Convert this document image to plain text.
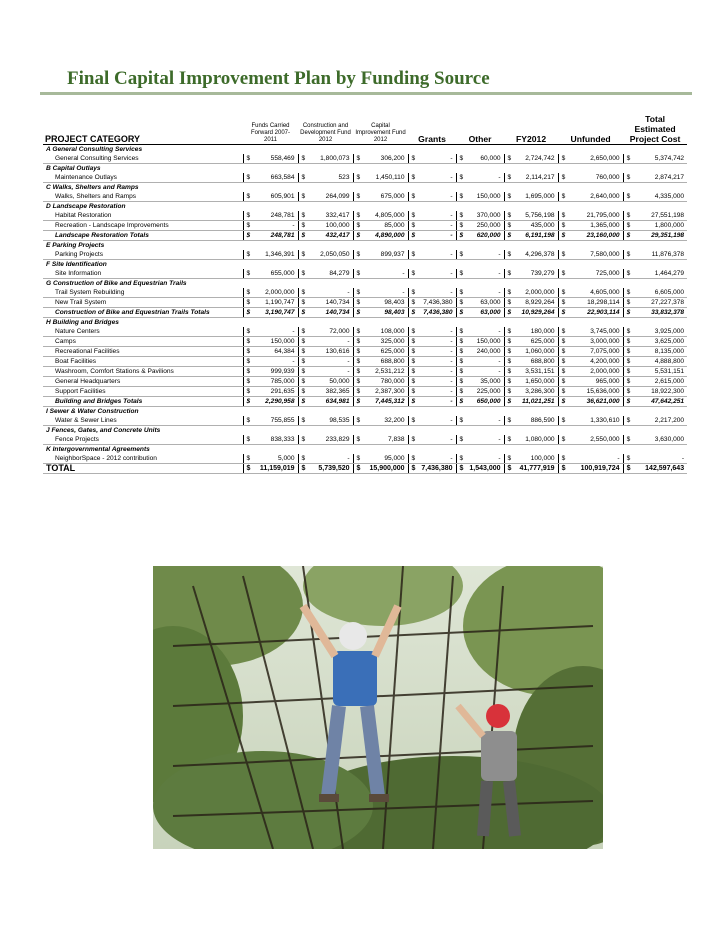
Final Capital Improvement Plan by Funding Source
PROJECT CATEGORY	Funds Carried Forward 2007-2011		Construction and Development Fund 2012		Capital Improvement Fund 2012		Grants		Other		FY2012		Unfunded		Total Estimated Project Cost	
A General Consulting Services																
General Consulting Services	$	558,469	$	1,800,073	$	306,200	$	-	$	60,000	$	2,724,742	$	2,650,000	$	5,374,742
B Capital Outlays																
Maintenance Outlays	$	663,584	$	523	$	1,450,110	$	-	$	-	$	2,114,217	$	760,000	$	2,874,217
C Walks, Shelters and Ramps																
Walks, Shelters and Ramps	$	605,901	$	264,099	$	675,000	$	-	$	150,000	$	1,695,000	$	2,640,000	$	4,335,000
D Landscape Restoration																
Habitat Restoration	$	248,781	$	332,417	$	4,805,000	$	-	$	370,000	$	5,756,198	$	21,795,000	$	27,551,198
Recreation - Landscape Improvements	$	-	$	100,000	$	85,000	$	-	$	250,000	$	435,000	$	1,365,000	$	1,800,000
Landscape Restoration Totals	$	248,781	$	432,417	$	4,890,000	$	-	$	620,000	$	6,191,198	$	23,160,000	$	29,351,198
E Parking Projects																
Parking Projects	$	1,346,391	$	2,050,050	$	899,937	$	-	$	-	$	4,296,378	$	7,580,000	$	11,876,378
F Site Identification																
Site Information	$	655,000	$	84,279	$	-	$	-	$	-	$	739,279	$	725,000	$	1,464,279
G Construction of Bike and Equestrian Trails																
Trail System Rebuilding	$	2,000,000	$	-	$	-	$	-	$	-	$	2,000,000	$	4,605,000	$	6,605,000
New Trail System	$	1,190,747	$	140,734	$	98,403	$	7,436,380	$	63,000	$	8,929,264	$	18,298,114	$	27,227,378
Construction of Bike and Equestrian Trails Totals	$	3,190,747	$	140,734	$	98,403	$	7,436,380	$	63,000	$	10,929,264	$	22,903,114	$	33,832,378
H Building and Bridges																
Nature Centers	$	-	$	72,000	$	108,000	$	-	$	-	$	180,000	$	3,745,000	$	3,925,000
Camps	$	150,000	$	-	$	325,000	$	-	$	150,000	$	625,000	$	3,000,000	$	3,625,000
Recreational Facilities	$	64,384	$	130,616	$	625,000	$	-	$	240,000	$	1,060,000	$	7,075,000	$	8,135,000
Boat Facilities	$	-	$	-	$	688,800	$	-	$	-	$	688,800	$	4,200,000	$	4,888,800
Washroom, Comfort Stations & Pavilions	$	999,939	$	-	$	2,531,212	$	-	$	-	$	3,531,151	$	2,000,000	$	5,531,151
General Headquarters	$	785,000	$	50,000	$	780,000	$	-	$	35,000	$	1,650,000	$	965,000	$	2,615,000
Support Facilities	$	291,635	$	382,365	$	2,387,300	$	-	$	225,000	$	3,286,300	$	15,636,000	$	18,922,300
Building and Bridges Totals	$	2,290,958	$	634,981	$	7,445,312	$	-	$	650,000	$	11,021,251	$	36,621,000	$	47,642,251
I Sewer & Water Construction																
Water & Sewer Lines	$	755,855	$	98,535	$	32,200	$	-	$	-	$	886,590	$	1,330,610	$	2,217,200
J Fences, Gates, and Concrete Units																
Fence Projects	$	838,333	$	233,829	$	7,838	$	-	$	-	$	1,080,000	$	2,550,000	$	3,630,000
K Intergovernmental Agreements																
NeighborSpace - 2012 contribution	$	5,000	$	-	$	95,000	$	-	$	-	$	100,000	$	-	$	-
TOTAL	$	11,159,019	$	5,739,520	$	15,900,000	$	7,436,380	$	1,543,000	$	41,777,919	$	100,919,724	$	142,597,643
